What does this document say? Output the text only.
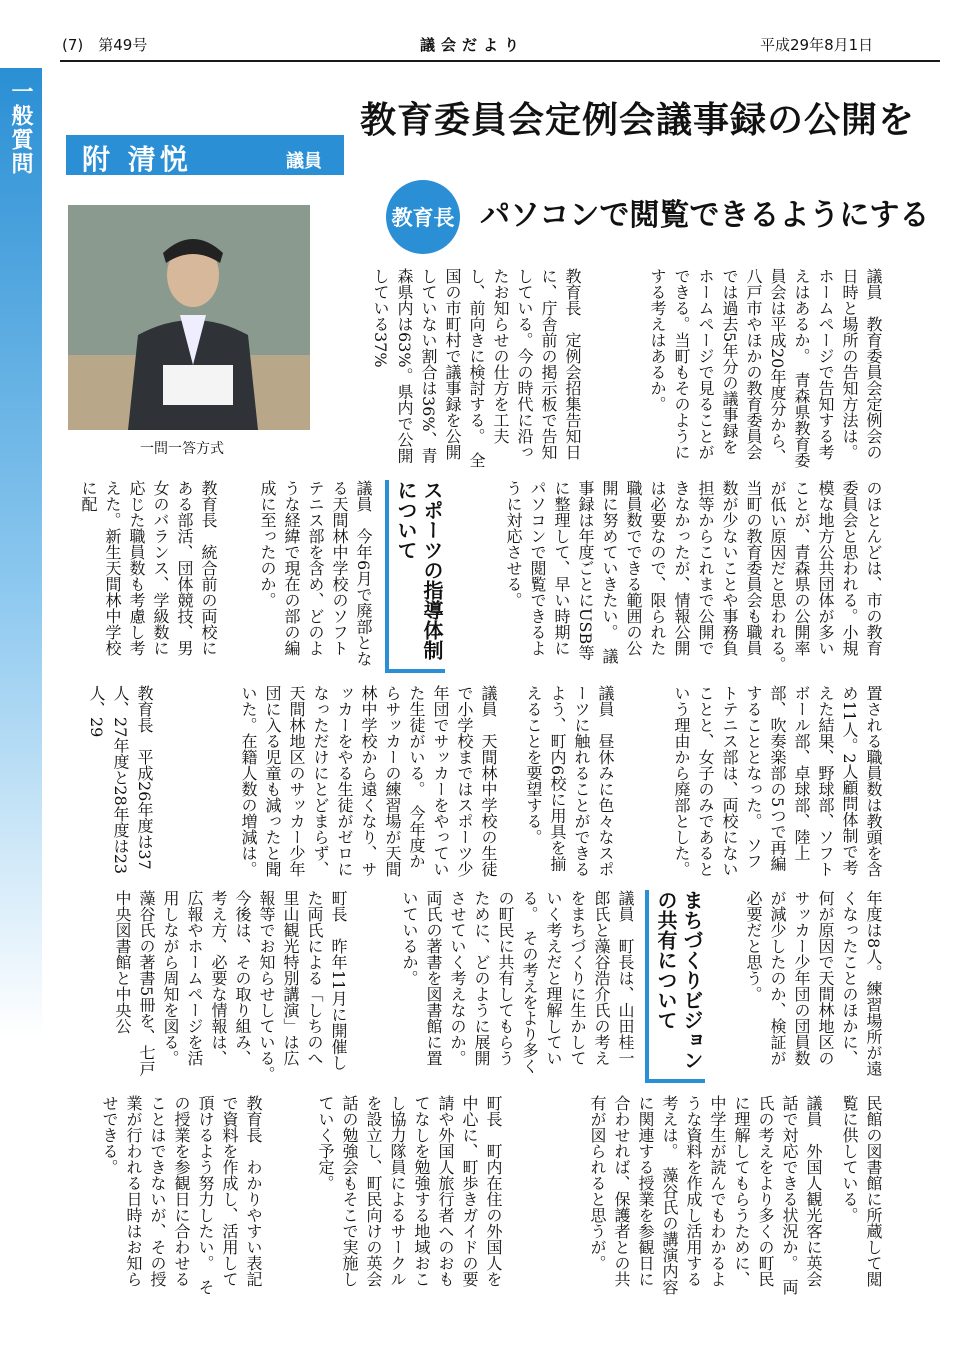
(7)　 第49号	議会だより	平成29年8月1日
一般質問	教育委員会定例会議事録の公開を
附 清悦	議員
教育長 パソコンで閲覧できるようにする
一問一答方式	議員　教育委員会定例会の日時と場所の告知方法は。ホームページで告知する考えはあるか。　青森県教育委員会は平成20年度分から、八戸市やほかの教育委員会では過去5年分の議事録をホームページで見ることができる。当町もそのようにする考えはあるか。
教育長　定例会招集告知日に、庁舎前の掲示板で告知している。今の時代に沿ったお知らせの仕方を工夫し、前向きに検討する。　全国の市町村で議事録を公開していない割合は36%、青森県内は63%。県内で公開している37%
のほとんどは、市の教育委員会と思われる。小規模な地方公共団体が多いことが、青森県の公開率が低い原因だと思われる。　当町の教育委員会も職員数が少ないことや事務負担等からこれまで公開できなかったが、情報公開は必要なので、限られた職員数でできる範囲の公開に努めていきたい。　議事録は年度ごとにUSB等に整理して、早い時期にパソコンで閲覧できるように対応させる。
スポーツの指導体制について
議員　今年6月で廃部となる天間林中学校のソフトテニス部を含め、どのような経緯で現在の部の編成に至ったのか。
教育長　統合前の両校にある部活、団体競技、男女のバランス、学級数に応じた職員数も考慮し考えた。新生天間林中学校に配
置される職員数は教頭を含め11人。2人顧問体制で考えた結果、野球部、ソフトボール部、卓球部、陸上部、吹奏楽部の5つで再編することとなった。　ソフトテニス部は、両校にないことと、女子のみであるという理由から廃部とした。
議員　昼休みに色々なスポーツに触れることができるよう、町内6校に用具を揃えることを要望する。
議員　天間林中学校の生徒で小学校まではスポーツ少年団でサッカーをやっていた生徒がいる。　今年度からサッカーの練習場が天間林中学校から遠くなり、サッカーをやる生徒がゼロになっただけにとどまらず、天間林地区のサッカー少年団に入る児童も減ったと聞いた。在籍人数の増減は。
教育長　平成26年度は37人、27年度と28年度は23人、29
年度は8人。練習場所が遠くなったことのほかに、何が原因で天間林地区のサッカー少年団の団員数が減少したのか、検証が必要だと思う。
まちづくりビジョンの共有について
議員　町長は、山田桂一郎氏と藻谷浩介氏の考えをまちづくりに生かしていく考えだと理解している。　その考えをより多くの町民に共有してもらうために、どのように展開させていく考えなのか。　両氏の著書を図書館に置いているか。
町長　昨年11月に開催した両氏による「しちのへ里山観光特別講演」は広報等でお知らせしている。　今後は、その取り組み、考え方、必要な情報は、広報やホームページを活用しながら周知を図る。　藻谷氏の著書5冊を、七戸中央図書館と中央公
民館の図書館に所蔵して閲覧に供している。
議員　外国人観光客に英会話で対応できる状況か。　両氏の考えをより多くの町民に理解してもらうために、中学生が読んでもわかるような資料を作成し活用する考えは。　藻谷氏の講演内容に関連する授業を参観日に合わせれば、保護者との共有が図られると思うが。
町長　町内在住の外国人を中心に、町歩きガイドの要請や外国人旅行者へのおもてなしを勉強する地域おこし協力隊員によるサークルを設立し、町民向けの英会話の勉強会もそこで実施していく予定。
教育長　わかりやすい表記で資料を作成し、活用して頂けるよう努力したい。　その授業を参観日に合わせることはできないが、その授業が行われる日時はお知らせできる。
